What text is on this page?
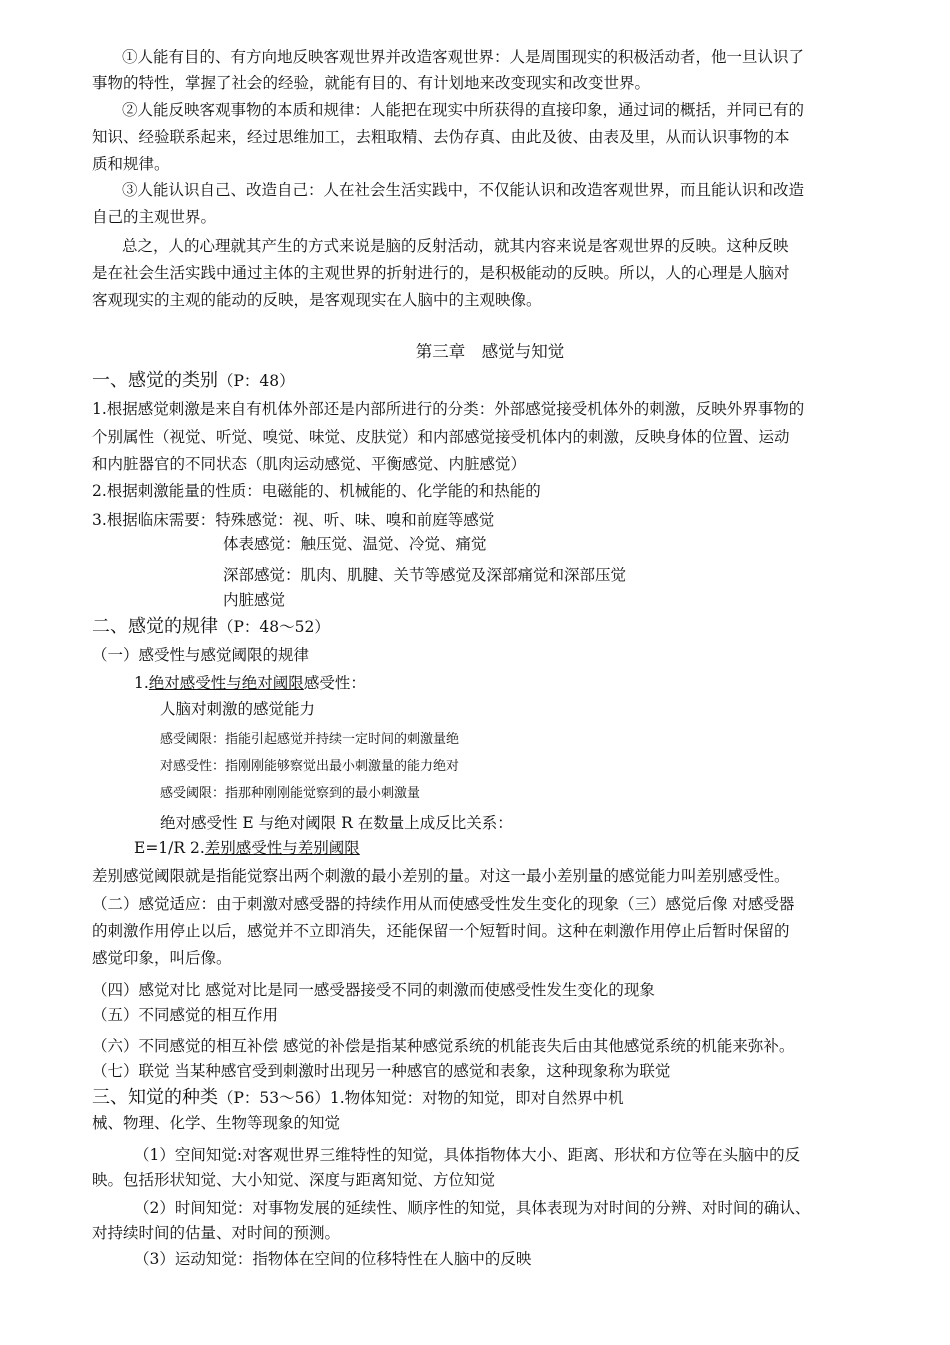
①人能有目的、有方向地反映客观世界并改造客观世界：人是周围现实的积极活动者，他一旦认识了
事物的特性，掌握了社会的经验，就能有目的、有计划地来改变现实和改变世界。
②人能反映客观事物的本质和规律：人能把在现实中所获得的直接印象，通过词的概括，并同已有的
知识、经验联系起来，经过思维加工，去粗取精、去伪存真、由此及彼、由表及里，从而认识事物的本
质和规律。
③人能认识自己、改造自己：人在社会生活实践中，不仅能认识和改造客观世界，而且能认识和改造
自己的主观世界。
总之，人的心理就其产生的方式来说是脑的反射活动，就其内容来说是客观世界的反映。这种反映
是在社会生活实践中通过主体的主观世界的折射进行的，是积极能动的反映。所以，人的心理是人脑对
客观现实的主观的能动的反映，是客观现实在人脑中的主观映像。
第三章　感觉与知觉
一、感觉的类别（P：48）
1.根据感觉刺激是来自有机体外部还是内部所进行的分类：外部感觉接受机体外的刺激，反映外界事物的
个别属性（视觉、听觉、嗅觉、味觉、皮肤觉）和内部感觉接受机体内的刺激，反映身体的位置、运动
和内脏器官的不同状态（肌肉运动感觉、平衡感觉、内脏感觉）
2.根据刺激能量的性质：电磁能的、机械能的、化学能的和热能的
3.根据临床需要：特殊感觉：视、听、味、嗅和前庭等感觉
体表感觉：触压觉、温觉、冷觉、痛觉
深部感觉：肌肉、肌腱、关节等感觉及深部痛觉和深部压觉
内脏感觉
二、感觉的规律（P：48～52）
（一）感受性与感觉阈限的规律
1.绝对感受性与绝对阈限感受性：
人脑对刺激的感觉能力
感受阈限：指能引起感觉并持续一定时间的刺激量绝
对感受性：指刚刚能够察觉出最小刺激量的能力绝对
感受阈限：指那种刚刚能觉察到的最小刺激量
绝对感受性 E 与绝对阈限 R 在数量上成反比关系：
E=1/R 2.差别感受性与差别阈限
差别感觉阈限就是指能觉察出两个刺激的最小差别的量。对这一最小差别量的感觉能力叫差别感受性。
（二）感觉适应：由于刺激对感受器的持续作用从而使感受性发生变化的现象（三）感觉后像 对感受器
的刺激作用停止以后，感觉并不立即消失，还能保留一个短暂时间。这种在刺激作用停止后暂时保留的
感觉印象，叫后像。
（四）感觉对比 感觉对比是同一感受器接受不同的刺激而使感受性发生变化的现象
（五）不同感觉的相互作用
（六）不同感觉的相互补偿 感觉的补偿是指某种感觉系统的机能丧失后由其他感觉系统的机能来弥补。
（七）联觉 当某种感官受到刺激时出现另一种感官的感觉和表象，这种现象称为联觉
三、知觉的种类（P：53～56）1.物体知觉：对物的知觉，即对自然界中机
械、物理、化学、生物等现象的知觉
（1）空间知觉:对客观世界三维特性的知觉，具体指物体大小、距离、形状和方位等在头脑中的反
映。包括形状知觉、大小知觉、深度与距离知觉、方位知觉
（2）时间知觉：对事物发展的延续性、顺序性的知觉，具体表现为对时间的分辨、对时间的确认、
对持续时间的估量、对时间的预测。
（3）运动知觉：指物体在空间的位移特性在人脑中的反映
